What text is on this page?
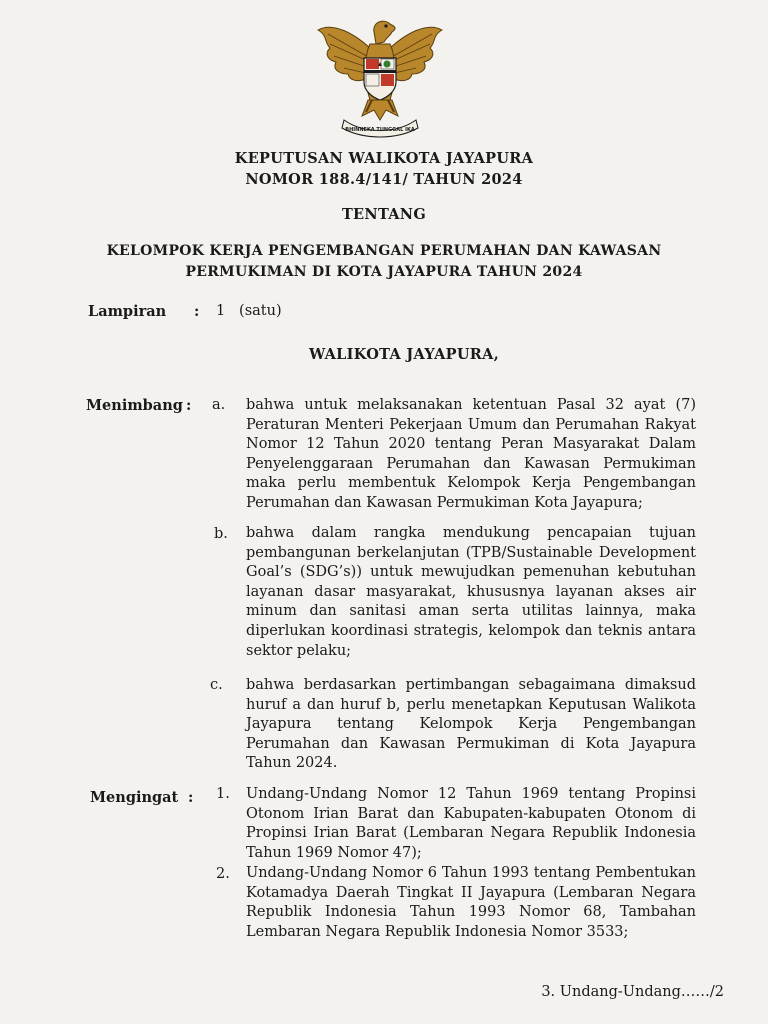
BHINNEKA TUNGGAL IKA
KEPUTUSAN WALIKOTA JAYAPURA
NOMOR 188.4/141/ TAHUN 2024
TENTANG
KELOMPOK KERJA PENGEMBANGAN PERUMAHAN DAN KAWASAN
PERMUKIMAN DI KOTA JAYAPURA TAHUN 2024
Lampiran : 1   (satu)
WALIKOTA JAYAPURA,
Menimbang : a. bahwa untuk melaksanakan ketentuan Pasal 32 ayat (7) Peraturan Menteri Pekerjaan Umum dan Perumahan Rakyat Nomor 12 Tahun 2020 tentang Peran Masyarakat Dalam Penyelenggaraan Perumahan dan Kawasan Permukiman maka perlu membentuk Kelompok Kerja Pengembangan Perumahan dan Kawasan Permukiman Kota Jayapura;
b. bahwa dalam rangka mendukung pencapaian tujuan pembangunan berkelanjutan (TPB/Sustainable Development Goal’s (SDG’s)) untuk mewujudkan pemenuhan kebutuhan layanan dasar masyarakat, khususnya layanan akses air minum dan sanitasi aman serta utilitas lainnya, maka diperlukan koordinasi strategis, kelompok dan teknis antara sektor pelaku;
c. bahwa berdasarkan pertimbangan sebagaimana dimaksud huruf a dan huruf b, perlu menetapkan Keputusan Walikota Jayapura tentang Kelompok Kerja Pengembangan Perumahan dan Kawasan Permukiman di Kota Jayapura Tahun 2024.
Mengingat : 1. Undang-Undang Nomor 12 Tahun 1969 tentang Propinsi Otonom Irian Barat dan Kabupaten-kabupaten Otonom di Propinsi Irian Barat (Lembaran Negara Republik Indonesia Tahun 1969 Nomor 47);
2. Undang-Undang Nomor 6 Tahun 1993 tentang Pembentukan Kotamadya Daerah Tingkat II Jayapura (Lembaran Negara Republik Indonesia Tahun 1993 Nomor 68, Tambahan Lembaran Negara Republik Indonesia Nomor 3533;
3. Undang-Undang……/2
